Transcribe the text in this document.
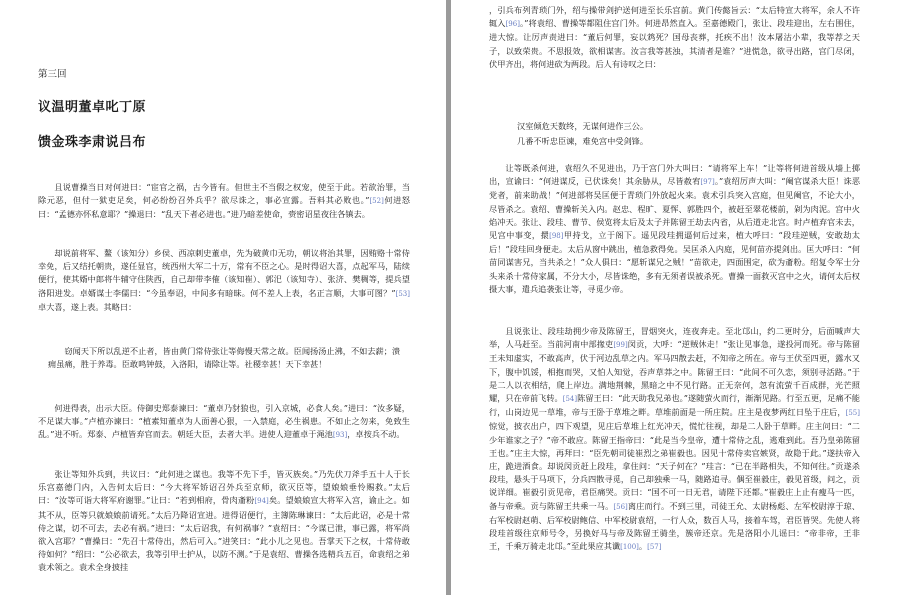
第三回
议温明董卓叱丁原
馈金珠李肃说吕布

且说曹操当日对何进曰：“宦官之祸，古今皆有。但世主不当假之权宠，使至于此。若欲治罪，当除元恶，但付一狱吏足矣，何必纷纷召外兵乎？欲尽诛之，事必宣露。吾料其必败也。”[52]何进怒曰：“孟德亦怀私意耶？”操退曰：“乱天下者必进也。”进乃暗差使命，赍密诏星夜往各镇去。

却说前将军、鳌（该知分）乡侯、西凉刺史董卓，先为破黄巾无功，朝议将治其罪，因贿赂十常侍幸免，后又结托朝贵，遂任显官，统西州大军二十万，常有不臣之心。是时得诏大喜，点起军马，陆续便行，使其婿中郎将牛辅守住陕西，自己却带李傕（该知崔）、郭汜（该知寺）、张济、樊稠等，提兵望洛阳进发。卓婿谋士李儒曰：“今虽奉诏，中间多有暗昧。何不差人上表，名正言顺，大事可图？”[53]卓大喜，遂上表。其略曰：

窃闻天下所以乱逆不止者，皆由黄门常侍张让等侮慢天常之故。臣闻扬汤止沸，不如去薪；溃痈虽痛，胜于养毒。臣敢鸣钟鼓，入洛阳，请除让等。社稷幸甚！天下幸甚！

何进得表，出示大臣。侍御史郑泰谏曰：“董卓乃豺狼也，引入京城，必食人矣。”进曰：“汝多疑，不足谋大事。”卢植亦谏曰：“植素知董卓为人面善心狠，一入禁庭，必生祸患。不如止之勿来，免致生乱。”进不听。郑泰、卢植皆弃官而去。朝廷大臣，去者大半。进使人迎董卓于渑池[93]，卓按兵不动。

张让等知外兵到，共议曰：“此何进之谋也。我等不先下手，皆灭族矣。”乃先伏刀斧手五十人于长乐宫嘉德门内，入告何太后曰：“今大将军矫诏召外兵至京师，欲灭臣等，望娘娘垂怜赐救。”太后曰：“汝等可诣大将军府谢罪。”让曰：“若到相府，骨肉齑粉[94]矣。望娘娘宣大将军入宫，谕止之。如其不从，臣等只就娘娘前请死。”太后乃降诏宣进。进得诏便行，主簿陈琳谏曰：“太后此诏，必是十常侍之谋，切不可去，去必有祸。”进曰：“太后诏我，有何祸事？”袁绍曰：“今谋已泄，事已露，将军尚欲入宫耶？”曹操曰：“先召十常侍出，然后可入。”进笑曰：“此小儿之见也。吾掌天下之权，十常侍敢待如何？”绍曰：“公必欲去，我等引甲士护从，以防不测。”于是袁绍、曹操各选精兵五百，命袁绍之弟袁术领之。袁术全身披挂

，引兵布列青琐门外，绍与操带剑护送何进至长乐宫前。黄门传懿旨云：“太后特宣大将军，余人不许辄入[96]。”将袁绍、曹操等都阻住宫门外。何进昂然直入。至嘉德殿门，张让、段珪迎出，左右围住，进大惊。让厉声责进曰：“董后何罪，妄以鸩死？国母丧葬，托疾不出！汝本屠沽小辈，我等荐之天子，以致荣贵。不思报效，欲相谋害。汝言我等甚浊，其清者是谁？”进慌急，欲寻出路，宫门尽闭，伏甲齐出，将何进砍为两段。后人有诗叹之曰：

汉室倾危天数终，无谋何进作三公。
几番不听忠臣谏，难免宫中受剑锋。

让等既杀何进，袁绍久不见进出，乃于宫门外大叫曰：“请将军上车！”让等将何进首级从墙上掷出，宣谕曰：“何进谋反，已伏诛矣！其余胁从，尽皆赦宥[97]。”袁绍厉声大叫：“阉官谋杀大臣！诛恶党者，前来助战！”何进部将吴匡便于青琐门外放起火来。袁术引兵突入宫庭，但见阉官，不论大小，尽皆杀之。袁绍、曹操斩关入内。赵忠、程旷、夏恽、郭胜四个，被赶至翠花楼前，剁为肉泥。宫中火焰冲天。张让、段珪、曹节、侯览将太后及太子并陈留王劫去内省，从后道走北宫。时卢植弃官未去，见宫中事变，擐[98]甲持戈，立于阁下。遥见段珪拥逼何后过来，植大呼曰：“段珪逆贼，安敢劫太后！”段珪回身便走。太后从窗中跳出，植急救得免。吴匡杀入内庭，见何苗亦提剑出。匡大呼曰：“何苗同谋害兄，当共杀之！”众人俱曰：“愿斩谋兄之贼！”苗欲走，四面围定，砍为齑粉。绍复令军士分头来杀十常侍家属，不分大小，尽皆诛绝，多有无须者误被杀死。曹操一面救灭宫中之火，请何太后权摄大事，遣兵追袭张让等，寻觅少帝。

且说张让、段珪劫拥少帝及陈留王，冒烟突火，连夜奔走。至北邙山，约二更时分，后面喊声大举，人马赶至。当前河南中部掾吏[99]闵贡，大呼：“逆贼休走！”张让见事急，遂投河而死。帝与陈留王未知虚实，不敢高声，伏于河边乱草之内。军马四散去赶，不知帝之所在。帝与王伏至四更，露水又下，腹中饥馁，相抱而哭，又怕人知觉，吞声草莽之中。陈留王曰：“此间不可久恋，须别寻活路。”于是二人以衣相结，爬上岸边。满地荆棘，黑暗之中不见行路。正无奈何，忽有流萤千百成群，光芒照耀，只在帝前飞转。[54]陈留王曰：“此天助我兄弟也。”遂随萤火而行，渐渐见路。行至五更，足痛不能行，山岗边见一草堆，帝与王卧于草堆之畔。草堆前面是一所庄院。庄主是夜梦两红日坠于庄后，[55]惊觉，披衣出户，四下观望，见庄后草堆上红光冲天，慌忙往视，却是二人卧于草畔。庄主问曰：“二少年谁家之子？”帝不敢应。陈留王指帝曰：“此是当今皇帝，遭十常侍之乱，逃难到此。吾乃皇弟陈留王也。”庄主大惊，再拜曰：“臣先朝司徒崔烈之弟崔毅也。因见十常侍卖官嫉贤，故隐于此。”遂扶帝入庄，跪进酒食。却说闵贡赶上段珪，拿住问：“天子何在？”珪言：“已在半路相失，不知何往。”贡遂杀段珪，悬头于马项下，分兵四散寻觅，自己却独乘一马，随路追寻。偶至崔毅庄，毅见首级，问之，贡说详细。崔毅引贡见帝，君臣痛哭。贡曰：“国不可一日无君，请陛下还都。”崔毅庄上止有瘦马一匹，备与帝乘。贡与陈留王共乘一马。[56]离庄而行。不到三里，司徒王允、太尉杨彪、左军校尉淳于琼、右军校尉赵萌、后军校尉鲍信、中军校尉袁绍，一行人众，数百人马，接着车驾，君臣皆哭。先使人将段珪首级往京师号令，另换好马与帝及陈留王骑坐，簇帝还京。先是洛阳小儿谣曰：“帝非帝，王非王，千乘万骑走北邙。”至此果应其谶[100]。[57]
